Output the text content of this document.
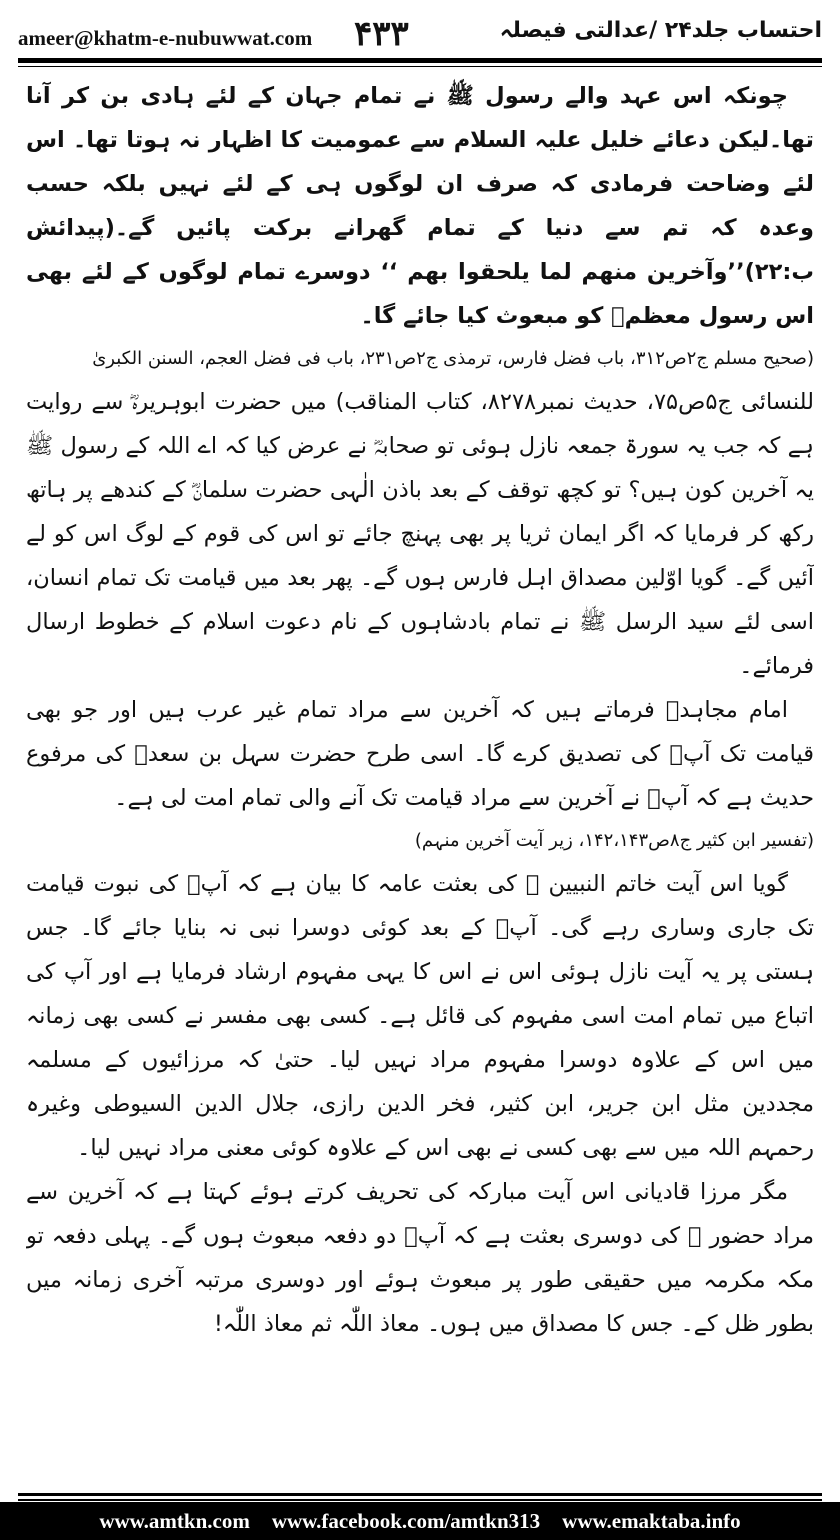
ameer@khatm-e-nubuwwat.com ۴۳۳	احتساب جلد۲۴ /عدالتی فیصلہ

چونکہ اس عہد والے رسول ﷺ نے تمام جہان کے لئے ہادی بن کر آنا تھا۔لیکن دعائے خلیل علیہ السلام سے عمومیت کا اظہار نہ ہوتا تھا۔ اس لئے وضاحت فرمادی کہ صرف ان لوگوں ہی کے لئے نہیں بلکہ حسب وعدہ کہ تم سے دنیا کے تمام گھرانے برکت پائیں گے۔(پیدائش ب:۲۲)’’وآخرین منھم لما یلحقوا بھم ‘‘ دوسرے تمام لوگوں کے لئے بھی اس رسول معظمؐ کو مبعوث کیا جائے گا۔

(صحیح مسلم ج۲ص۳۱۲، باب فضل فارس، ترمذی ج۲ص۲۳۱، باب فی فضل العجم، السنن الکبریٰ

للنسائی ج۵ص۷۵، حدیث نمبر۸۲۷۸، کتاب المناقب) میں حضرت ابوہریرہؓ سے روایت ہے کہ جب یہ سورۃ جمعہ نازل ہوئی تو صحابہؓ نے عرض کیا کہ اے اللہ کے رسول ﷺ یہ آخرین کون ہیں؟ تو کچھ توقف کے بعد باذن الٰہی حضرت سلمانؓ کے کندھے پر ہاتھ رکھ کر فرمایا کہ اگر ایمان ثریا پر بھی پہنچ جائے تو اس کی قوم کے لوگ اس کو لے آئیں گے۔ گویا اوّلین مصداق اہل فارس ہوں گے۔ پھر بعد میں قیامت تک تمام انسان، اسی لئے سید الرسل ﷺ نے تمام بادشاہوں کے نام دعوت اسلام کے خطوط ارسال فرمائے۔

امام مجاہدؒ فرماتے ہیں کہ آخرین سے مراد تمام غیر عرب ہیں اور جو بھی قیامت تک آپؐ کی تصدیق کرے گا۔ اسی طرح حضرت سہل بن سعدؓ کی مرفوع حدیث ہے کہ آپؐ نے آخرین سے مراد قیامت تک آنے والی تمام امت لی ہے۔

(تفسیر ابن کثیر ج۸ص۱۴۲،۱۴۳، زیر آیت آخرین منہم)

گویا اس آیت خاتم النبیین ﷺ کی بعثت عامہ کا بیان ہے کہ آپؐ کی نبوت قیامت تک جاری وساری رہے گی۔ آپؐ کے بعد کوئی دوسرا نبی نہ بنایا جائے گا۔ جس ہستی پر یہ آیت نازل ہوئی اس نے اس کا یہی مفہوم ارشاد فرمایا ہے اور آپ کی اتباع میں تمام امت اسی مفہوم کی قائل ہے۔ کسی بھی مفسر نے کسی بھی زمانہ میں اس کے علاوہ دوسرا مفہوم مراد نہیں لیا۔ حتیٰ کہ مرزائیوں کے مسلمہ مجددین مثل ابن جریر، ابن کثیر، فخر الدین رازی، جلال الدین السیوطی وغیرہ رحمہم اللہ میں سے بھی کسی نے بھی اس کے علاوہ کوئی معنی مراد نہیں لیا۔

مگر مرزا قادیانی اس آیت مبارکہ کی تحریف کرتے ہوئے کہتا ہے کہ آخرین سے مراد حضور ﷺ کی دوسری بعثت ہے کہ آپؐ دو دفعہ مبعوث ہوں گے۔ پہلی دفعہ تو مکہ مکرمہ میں حقیقی طور پر مبعوث ہوئے اور دوسری مرتبہ آخری زمانہ میں بطور ظل کے۔ جس کا مصداق میں ہوں۔ معاذ اللّٰہ ثم معاذ اللّٰہ!

www.amtkn.com www.facebook.com/amtkn313 www.emaktaba.info
